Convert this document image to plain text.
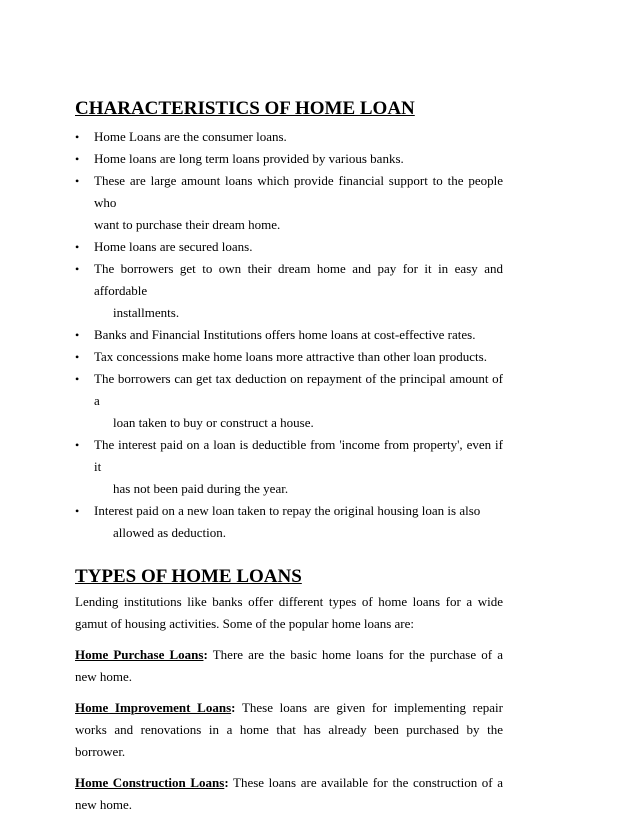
CHARACTERISTICS OF HOME LOAN
•	Home Loans are the consumer loans.
•	Home loans are long term loans provided by various banks.
•	These are large amount loans which provide financial support to the people who
want to purchase their dream home.
•	Home loans are secured loans.
•	The borrowers get to own their dream home and pay for it in easy and affordable
installments.
•	Banks and Financial Institutions offers home loans at cost-effective rates.
•	Tax concessions make home loans more attractive than other loan products.
•	The borrowers can get tax deduction on repayment of the principal amount of a
loan taken to buy or construct a house.
•	The interest paid on a loan is deductible from 'income from property', even if it
has not been paid during the year.
•	Interest paid on a new loan taken to repay the original housing loan is also
allowed as deduction.
TYPES OF HOME LOANS

Lending institutions like banks offer different types of home loans for a wide gamut of housing activities. Some of the popular home loans are:

Home Purchase Loans: There are the basic home loans for the purchase of a new home.

Home Improvement Loans: These loans are given for implementing repair works and renovations in a home that has already been purchased by the borrower.

Home Construction Loans: These loans are available for the construction of a new home.
